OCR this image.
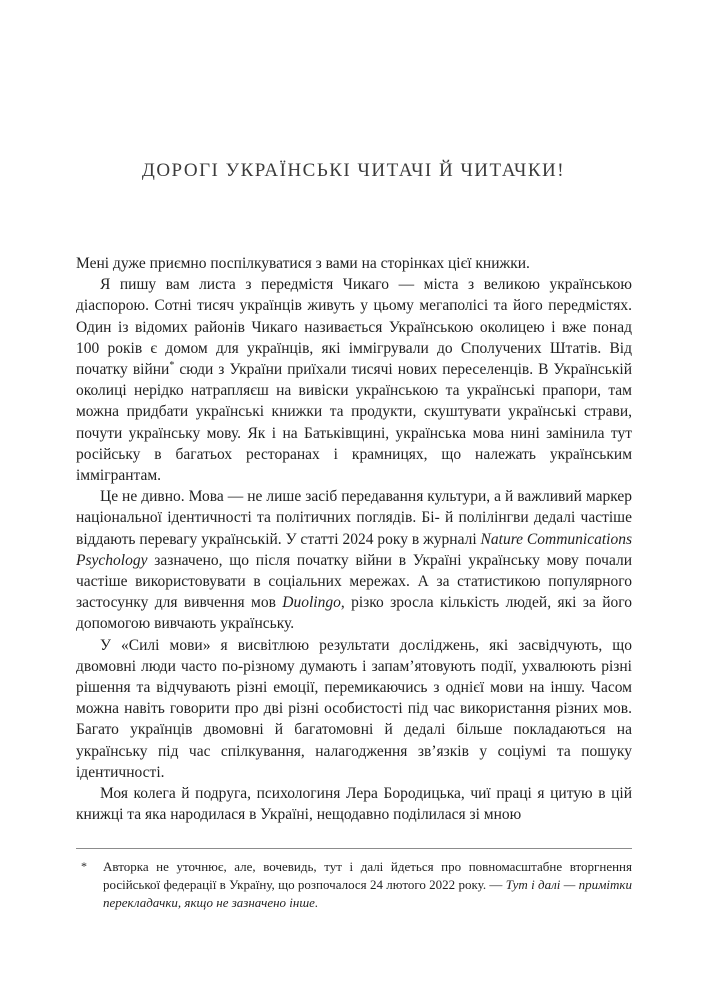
ДОРОГІ УКРАЇНСЬКІ ЧИТАЧІ Й ЧИТАЧКИ!

Мені дуже приємно поспілкуватися з вами на сторінках цієї книжки.

Я пишу вам листа з передмістя Чикаго — міста з великою українською діаспорою. Сотні тисяч українців живуть у цьому мегаполісі та його передмістях. Один із відомих районів Чикаго називається Українською околицею і вже понад 100 років є домом для українців, які іммігрували до Сполучених Штатів. Від початку війни* сюди з України приїхали тисячі нових переселенців. В Українській околиці нерідко натрапляєш на вивіски українською та українські прапори, там можна придбати українські книжки та продукти, скуштувати українські страви, почути українську мову. Як і на Батьківщині, українська мова нині замінила тут російську в багатьох ресторанах і крамницях, що належать українським іммігрантам.

Це не дивно. Мова — не лише засіб передавання культури, а й важливий маркер національної ідентичності та політичних поглядів. Бі- й полілінгви дедалі частіше віддають перевагу українській. У статті 2024 року в журналі Nature Communications Psychology зазначено, що після початку війни в Україні українську мову почали частіше використовувати в соціальних мережах. А за статистикою популярного застосунку для вивчення мов Duolingo, різко зросла кількість людей, які за його допомогою вивчають українську.

У «Силі мови» я висвітлюю результати досліджень, які засвідчують, що двомовні люди часто по-різному думають і запам’ятовують події, ухвалюють різні рішення та відчувають різні емоції, перемикаючись з однієї мови на іншу. Часом можна навіть говорити про дві різні особистості під час використання різних мов. Багато українців двомовні й багатомовні й дедалі більше покладаються на українську під час спілкування, налагодження зв’язків у соціумі та пошуку ідентичності.

Моя колега й подруга, психологиня Лера Бородицька, чиї праці я цитую в цій книжці та яка народилася в Україні, нещодавно поділилася зі мною

* Авторка не уточнює, але, вочевидь, тут і далі йдеться про повномасштабне вторгнення російської федерації в Україну, що розпочалося 24 лютого 2022 року. — Тут і далі — примітки перекладачки, якщо не зазначено інше.
